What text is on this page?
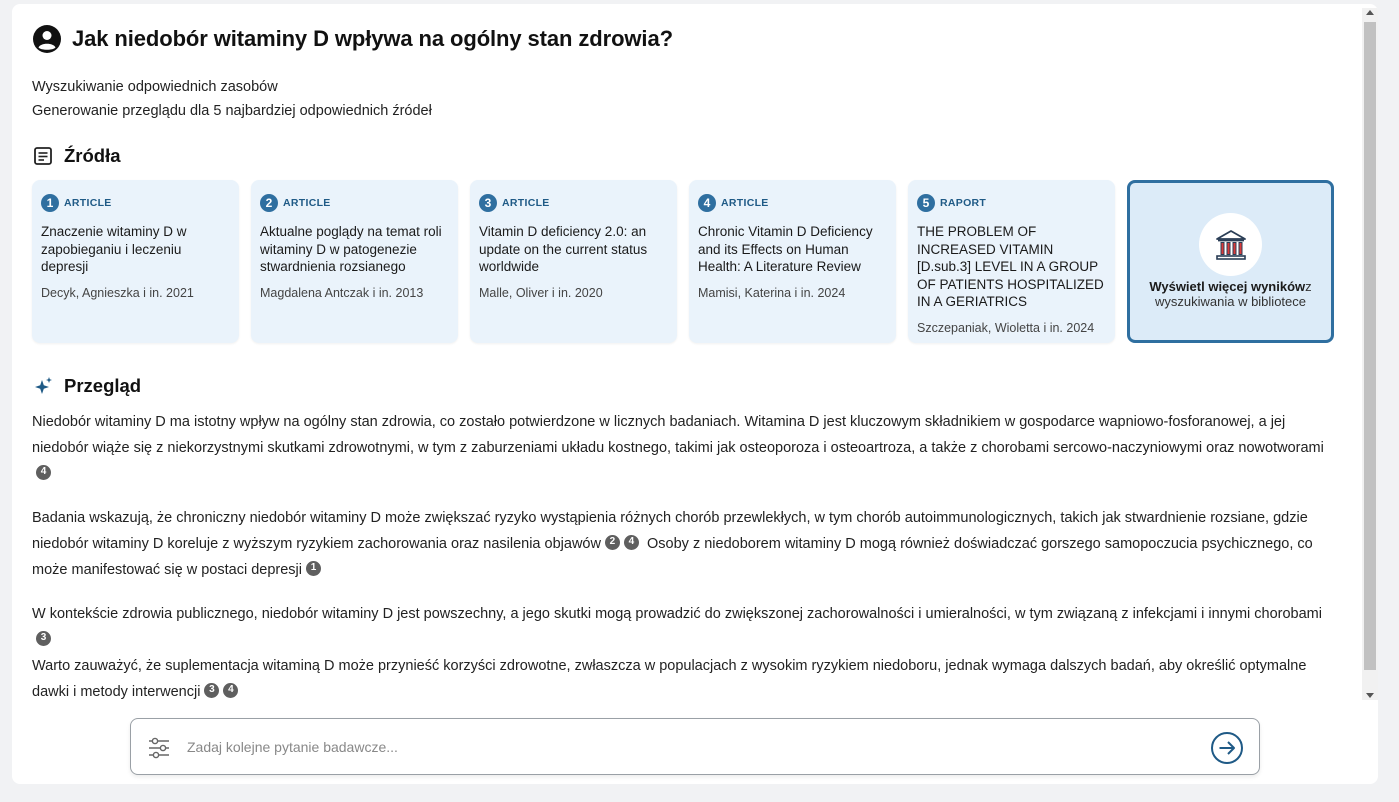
Jak niedobór witaminy D wpływa na ogólny stan zdrowia?
Wyszukiwanie odpowiednich zasobów
Generowanie przeglądu dla 5 najbardziej odpowiednich źródeł
Źródła
1	ARTICLE
Znaczenie witaminy D w zapobieganiu i leczeniu depresji
Decyk, Agnieszka i in. 2021
2	ARTICLE
Aktualne poglądy na temat roli witaminy D w patogenezie stwardnienia rozsianego
Magdalena Antczak i in. 2013
3	ARTICLE
Vitamin D deficiency 2.0: an update on the current status worldwide
Malle, Oliver i in. 2020
4	ARTICLE
Chronic Vitamin D Deficiency and its Effects on Human Health: A Literature Review
Mamisi, Katerina i in. 2024
5	RAPORT
THE PROBLEM OF INCREASED VITAMIN [D.sub.3] LEVEL IN A GROUP OF PATIENTS HOSPITALIZED IN A GERIATRICS
Szczepaniak, Wioletta i in. 2024
Wyświetl więcej wynikówz wyszukiwania w bibliotece
Przegląd

Niedobór witaminy D ma istotny wpływ na ogólny stan zdrowia, co zostało potwierdzone w licznych badaniach. Witamina D jest kluczowym składnikiem w gospodarce wapniowo-fosforanowej, a jej niedobór wiąże się z niekorzystnymi skutkami zdrowotnymi, w tym z zaburzeniami układu kostnego, takimi jak osteoporoza i osteoartroza, a także z chorobami sercowo-naczyniowymi oraz nowotworami4

Badania wskazują, że chroniczny niedobór witaminy D może zwiększać ryzyko wystąpienia różnych chorób przewlekłych, w tym chorób autoimmunologicznych, takich jak stwardnienie rozsiane, gdzie niedobór witaminy D koreluje z wyższym ryzykiem zachorowania oraz nasilenia objawów 2 4 Osoby z niedoborem witaminy D mogą również doświadczać gorszego samopoczucia psychicznego, co może manifestować się w postaci depresji 1

W kontekście zdrowia publicznego, niedobór witaminy D jest powszechny, a jego skutki mogą prowadzić do zwiększonej zachorowalności i umieralności, w tym związaną z infekcjami i innymi chorobami3
Warto zauważyć, że suplementacja witaminą D może przynieść korzyści zdrowotne, zwłaszcza w populacjach z wysokim ryzykiem niedoboru, jednak wymaga dalszych badań, aby określić optymalne dawki i metody interwencji 3 4

Zadaj kolejne pytanie badawcze...
